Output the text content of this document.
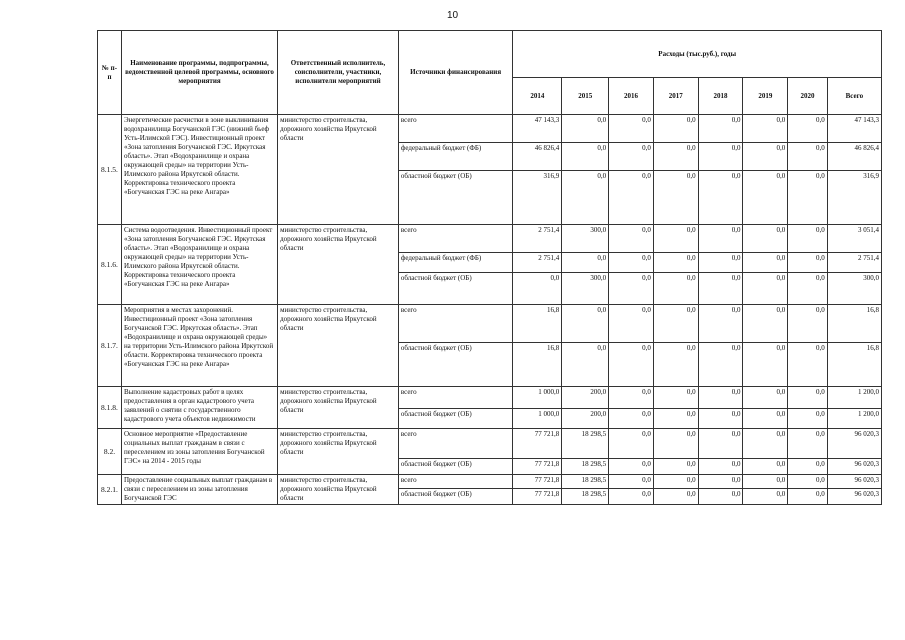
10
№ п-п	Наименование программы, подпрограммы, ведомственной целевой программы, основного мероприятия	Ответственный исполнитель, соисполнители, участники, исполнители мероприятий	Источники финансирования	Расходы (тыс.руб.), годы							
				2014	2015	2016	2017	2018	2019	2020	Всего
8.1.5.	Энергетические расчистки в зоне выклинивания водохранилища Богучанской ГЭС (нижний бьеф Усть-Илимской ГЭС). Инвестиционный проект «Зона затопления Богучанской ГЭС. Иркутская область». Этап «Водохранилище и охрана окружающей среды» на территории Усть-Илимского района Иркутской области. Корректировка технического проекта «Богучанская ГЭС на реке Ангара»	министерство строительства, дорожного хозяйства Иркутской области	всего	47 143,3	0,0	0,0	0,0	0,0	0,0	0,0	47 143,3
			федеральный бюджет (ФБ)	46 826,4	0,0	0,0	0,0	0,0	0,0	0,0	46 826,4
			областной бюджет (ОБ)	316,9	0,0	0,0	0,0	0,0	0,0	0,0	316,9
8.1.6.	Система водоотведения. Инвестиционный проект «Зона затопления Богучанской ГЭС. Иркутская область». Этап «Водохранилище и охрана окружающей среды» на территории Усть-Илимского района Иркутской области. Корректировка технического проекта «Богучанская ГЭС на реке Ангара»	министерство строительства, дорожного хозяйства Иркутской области	всего	2 751,4	300,0	0,0	0,0	0,0	0,0	0,0	3 051,4
			федеральный бюджет (ФБ)	2 751,4	0,0	0,0	0,0	0,0	0,0	0,0	2 751,4
			областной бюджет (ОБ)	0,0	300,0	0,0	0,0	0,0	0,0	0,0	300,0
8.1.7.	Мероприятия в местах захоронений. Инвестиционный проект «Зона затопления Богучанской ГЭС. Иркутская область». Этап «Водохранилище и охрана окружающей среды» на территории Усть-Илимского района Иркутской области. Корректировка технического проекта «Богучанская ГЭС на реке Ангара»	министерство строительства, дорожного хозяйства Иркутской области	всего	16,8	0,0	0,0	0,0	0,0	0,0	0,0	16,8
			областной бюджет (ОБ)	16,8	0,0	0,0	0,0	0,0	0,0	0,0	16,8
8.1.8.	Выполнение кадастровых работ в целях предоставления в орган кадастрового учета заявлений о снятии с государственного кадастрового учета объектов недвижимости	министерство строительства, дорожного хозяйства Иркутской области	всего	1 000,0	200,0	0,0	0,0	0,0	0,0	0,0	1 200,0
			областной бюджет (ОБ)	1 000,0	200,0	0,0	0,0	0,0	0,0	0,0	1 200,0
8.2.	Основное мероприятие «Предоставление социальных выплат гражданам в связи с переселением из зоны затопления Богучанской ГЭС» на 2014 - 2015 годы	министерство строительства, дорожного хозяйства Иркутской области	всего	77 721,8	18 298,5	0,0	0,0	0,0	0,0	0,0	96 020,3
			областной бюджет (ОБ)	77 721,8	18 298,5	0,0	0,0	0,0	0,0	0,0	96 020,3
8.2.1.	Предоставление социальных выплат гражданам в связи с переселением из зоны затопления Богучанской ГЭС	министерство строительства, дорожного хозяйства Иркутской области	всего	77 721,8	18 298,5	0,0	0,0	0,0	0,0	0,0	96 020,3
			областной бюджет (ОБ)	77 721,8	18 298,5	0,0	0,0	0,0	0,0	0,0	96 020,3
